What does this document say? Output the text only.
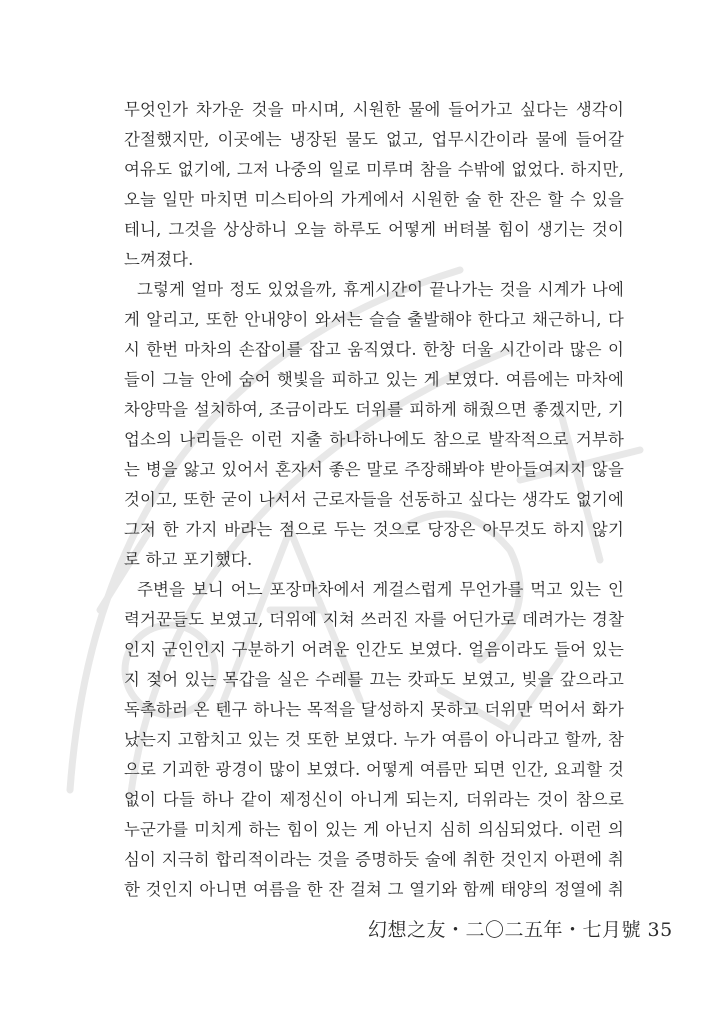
무엇인가 차가운 것을 마시며, 시원한 물에 들어가고 싶다는 생각이
간절했지만, 이곳에는 냉장된 물도 없고, 업무시간이라 물에 들어갈
여유도 없기에, 그저 나중의 일로 미루며 참을 수밖에 없었다. 하지만,
오늘 일만 마치면 미스티아의 가게에서 시원한 술 한 잔은 할 수 있을
테니, 그것을 상상하니 오늘 하루도 어떻게 버텨볼 힘이 생기는 것이
느껴졌다.
그렇게 얼마 정도 있었을까, 휴게시간이 끝나가는 것을 시계가 나에
게 알리고, 또한 안내양이 와서는 슬슬 출발해야 한다고 채근하니, 다
시 한번 마차의 손잡이를 잡고 움직였다. 한창 더울 시간이라 많은 이
들이 그늘 안에 숨어 햇빛을 피하고 있는 게 보였다. 여름에는 마차에
차양막을 설치하여, 조금이라도 더위를 피하게 해줬으면 좋겠지만, 기
업소의 나리들은 이런 지출 하나하나에도 참으로 발작적으로 거부하
는 병을 앓고 있어서 혼자서 좋은 말로 주장해봐야 받아들여지지 않을
것이고, 또한 굳이 나서서 근로자들을 선동하고 싶다는 생각도 없기에
그저 한 가지 바라는 점으로 두는 것으로 당장은 아무것도 하지 않기
로 하고 포기했다.
주변을 보니 어느 포장마차에서 게걸스럽게 무언가를 먹고 있는 인
력거꾼들도 보였고, 더위에 지쳐 쓰러진 자를 어딘가로 데려가는 경찰
인지 군인인지 구분하기 어려운 인간도 보였다. 얼음이라도 들어 있는
지 젖어 있는 목갑을 실은 수레를 끄는 캇파도 보였고, 빚을 갚으라고
독촉하러 온 텐구 하나는 목적을 달성하지 못하고 더위만 먹어서 화가
났는지 고함치고 있는 것 또한 보였다. 누가 여름이 아니라고 할까, 참
으로 기괴한 광경이 많이 보였다. 어떻게 여름만 되면 인간, 요괴할 것
없이 다들 하나 같이 제정신이 아니게 되는지, 더위라는 것이 참으로
누군가를 미치게 하는 힘이 있는 게 아닌지 심히 의심되었다. 이런 의
심이 지극히 합리적이라는 것을 증명하듯 술에 취한 것인지 아편에 취
한 것인지 아니면 여름을 한 잔 걸쳐 그 열기와 함께 태양의 정열에 취
幻想之友・二〇二五年・七月號 35
